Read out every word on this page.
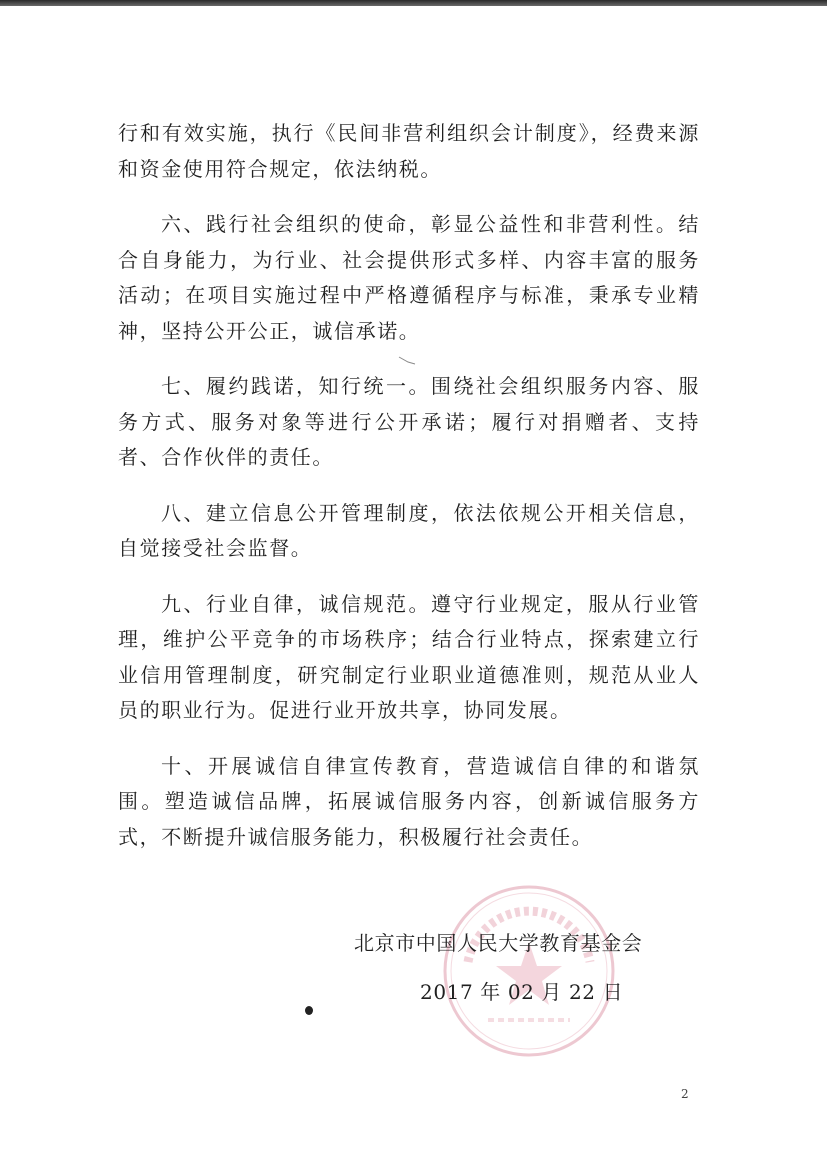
行和有效实施，执行《民间非营利组织会计制度》，经费来源和资金使用符合规定，依法纳税。

六、践行社会组织的使命，彰显公益性和非营利性。结合自身能力，为行业、社会提供形式多样、内容丰富的服务活动；在项目实施过程中严格遵循程序与标准，秉承专业精神，坚持公开公正，诚信承诺。

七、履约践诺，知行统一。围绕社会组织服务内容、服务方式、服务对象等进行公开承诺；履行对捐赠者、支持者、合作伙伴的责任。

八、建立信息公开管理制度，依法依规公开相关信息，自觉接受社会监督。

九、行业自律，诚信规范。遵守行业规定，服从行业管理，维护公平竞争的市场秩序；结合行业特点，探索建立行业信用管理制度，研究制定行业职业道德准则，规范从业人员的职业行为。促进行业开放共享，协同发展。

十、开展诚信自律宣传教育，营造诚信自律的和谐氛围。塑造诚信品牌，拓展诚信服务内容，创新诚信服务方式，不断提升诚信服务能力，积极履行社会责任。

北京市中国人民大学教育基金会
2017 年 02 月 22 日
2
